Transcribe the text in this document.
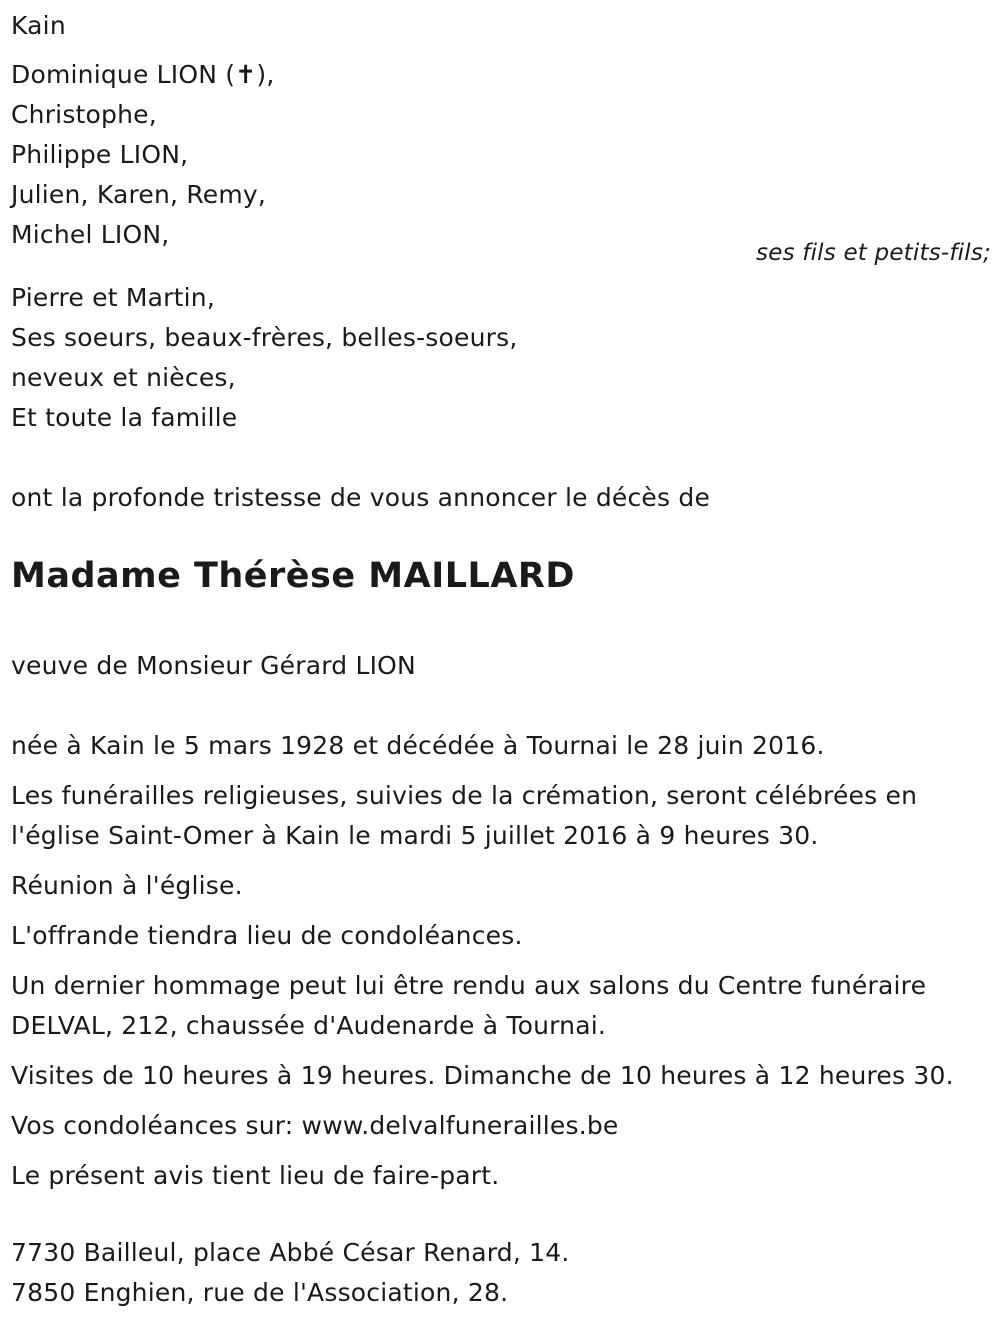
Kain
Dominique LION (✝),
Christophe,
Philippe LION,
Julien, Karen, Remy,
Michel LION,
ses fils et petits-fils;
Pierre et Martin,
Ses soeurs, beaux-frères, belles-soeurs,
neveux et nièces,
Et toute la famille
ont la profonde tristesse de vous annoncer le décès de
Madame Thérèse MAILLARD
veuve de Monsieur Gérard LION
née à Kain le 5 mars 1928 et décédée à Tournai le 28 juin 2016.
Les funérailles religieuses, suivies de la crémation, seront célébrées en
l'église Saint-Omer à Kain le mardi 5 juillet 2016 à 9 heures 30.
Réunion à l'église.
L'offrande tiendra lieu de condoléances.
Un dernier hommage peut lui être rendu aux salons du Centre funéraire
DELVAL, 212, chaussée d'Audenarde à Tournai.
Visites de 10 heures à 19 heures. Dimanche de 10 heures à 12 heures 30.
Vos condoléances sur: www.delvalfunerailles.be
Le présent avis tient lieu de faire-part.
7730 Bailleul, place Abbé César Renard, 14.
7850 Enghien, rue de l'Association, 28.
